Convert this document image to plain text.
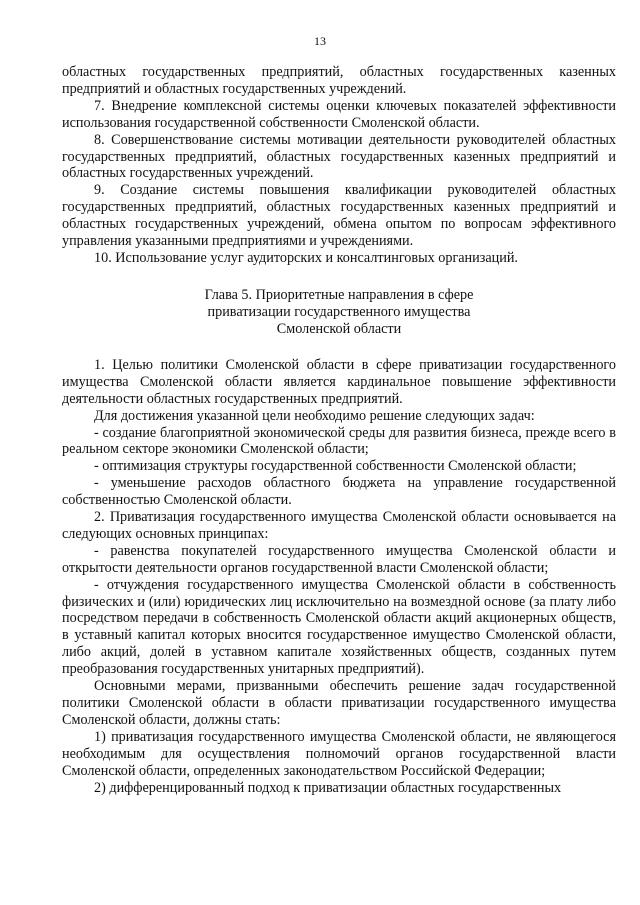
13

областных государственных предприятий, областных государственных казенных предприятий и областных государственных учреждений.

7. Внедрение комплексной системы оценки ключевых показателей эффективности использования государственной собственности Смоленской области.

8. Совершенствование системы мотивации деятельности руководителей областных государственных предприятий, областных государственных казенных предприятий и областных государственных учреждений.

9. Создание системы повышения квалификации руководителей областных государственных предприятий, областных государственных казенных предприятий и областных государственных учреждений, обмена опытом по вопросам эффективного управления указанными предприятиями и учреждениями.

10. Использование услуг аудиторских и консалтинговых организаций.

Глава 5. Приоритетные направления в сфере
приватизации государственного имущества
Смоленской области

1. Целью политики Смоленской области в сфере приватизации государственного имущества Смоленской области является кардинальное повышение эффективности деятельности областных государственных предприятий.

Для достижения указанной цели необходимо решение следующих задач:

- создание благоприятной экономической среды для развития бизнеса, прежде всего в реальном секторе экономики Смоленской области;

- оптимизация структуры государственной собственности Смоленской области;

- уменьшение расходов областного бюджета на управление государственной собственностью Смоленской области.

2. Приватизация государственного имущества Смоленской области основывается на следующих основных принципах:

- равенства покупателей государственного имущества Смоленской области и открытости деятельности органов государственной власти Смоленской области;

- отчуждения государственного имущества Смоленской области в собственность физических и (или) юридических лиц исключительно на возмездной основе (за плату либо посредством передачи в собственность Смоленской области акций акционерных обществ, в уставный капитал которых вносится государственное имущество Смоленской области, либо акций, долей в уставном капитале хозяйственных обществ, созданных путем преобразования государственных унитарных предприятий).

Основными мерами, призванными обеспечить решение задач государственной политики Смоленской области в области приватизации государственного имущества Смоленской области, должны стать:

1) приватизация государственного имущества Смоленской области, не являющегося необходимым для осуществления полномочий органов государственной власти Смоленской области, определенных законодательством Российской Федерации;

2) дифференцированный подход к приватизации областных государственных
